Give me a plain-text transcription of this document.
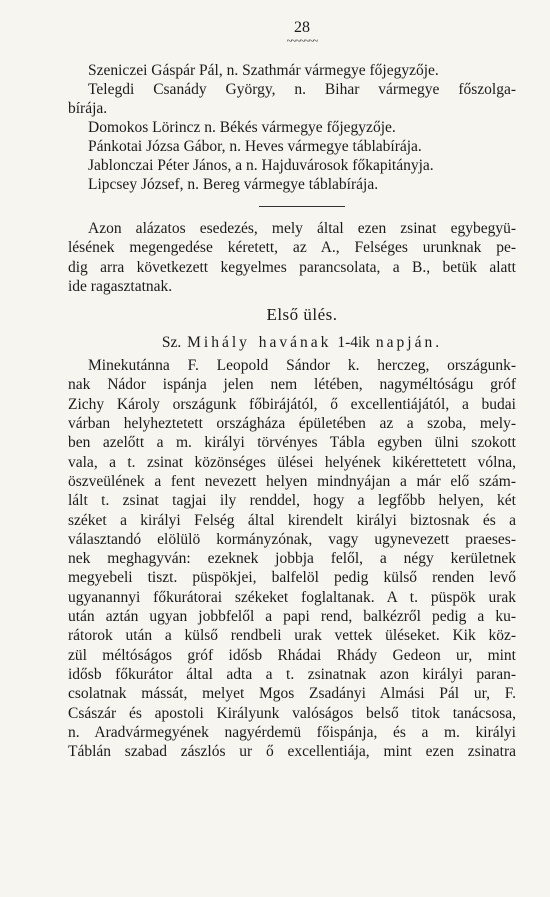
28
~~~~~~~
Szeniczei Gáspár Pál, n. Szathmár vármegye főjegyzője.
Telegdi Csanády György, n. Bihar vármegye főszolga-
bírája.
Domokos Lörincz n. Békés vármegye főjegyzője.
Pánkotai Józsa Gábor, n. Heves vármegye táblabírája.
Jablonczai Péter János, a n. Hajduvárosok főkapitányja.
Lipcsey József, n. Bereg vármegye táblabírája.
Azon alázatos esedezés, mely által ezen zsinat egybegyü-
lésének megengedése kéretett, az A., Felséges urunknak pe-
dig arra következett kegyelmes parancsolata, a B., betük alatt
ide ragasztatnak.
Első ülés.
Sz. Mihály havának 1-4ik napján.
Minekutánna F. Leopold Sándor k. herczeg, országunk-
nak Nádor ispánja jelen nem létében, nagyméltóságu gróf
Zichy Károly országunk főbirájától, ő excellentiájától, a budai
várban helyheztetett országháza épületében az a szoba, mely-
ben azelőtt a m. királyi törvényes Tábla egyben ülni szokott
vala, a t. zsinat közönséges ülései helyének kikérettetett vólna,
öszveülének a fent nevezett helyen mindnyájan a már elő szám-
lált t. zsinat tagjai ily renddel, hogy a legfőbb helyen, két
széket a királyi Felség által kirendelt királyi biztosnak és a
választandó elölülö kormányzónak, vagy ugynevezett praeses-
nek meghagyván: ezeknek jobbja felől, a négy kerületnek
megyebeli tiszt. püspökjei, balfelöl pedig külső renden levő
ugyanannyi főkurátorai székeket foglaltanak. A t. püspök urak
után aztán ugyan jobbfelől a papi rend, balkézről pedig a ku-
rátorok után a külső rendbeli urak vettek üléseket. Kik köz-
zül méltóságos gróf idősb Rhádai Rhády Gedeon ur, mint
idősb főkurátor által adta a t. zsinatnak azon királyi paran-
csolatnak mássát, melyet Mgos Zsadányi Almási Pál ur, F.
Császár és apostoli Királyunk valóságos belső titok tanácsosa,
n. Aradvármegyének nagyérdemü főispánja, és a m. királyi
Táblán szabad zászlós ur ő excellentiája, mint ezen zsinatra
